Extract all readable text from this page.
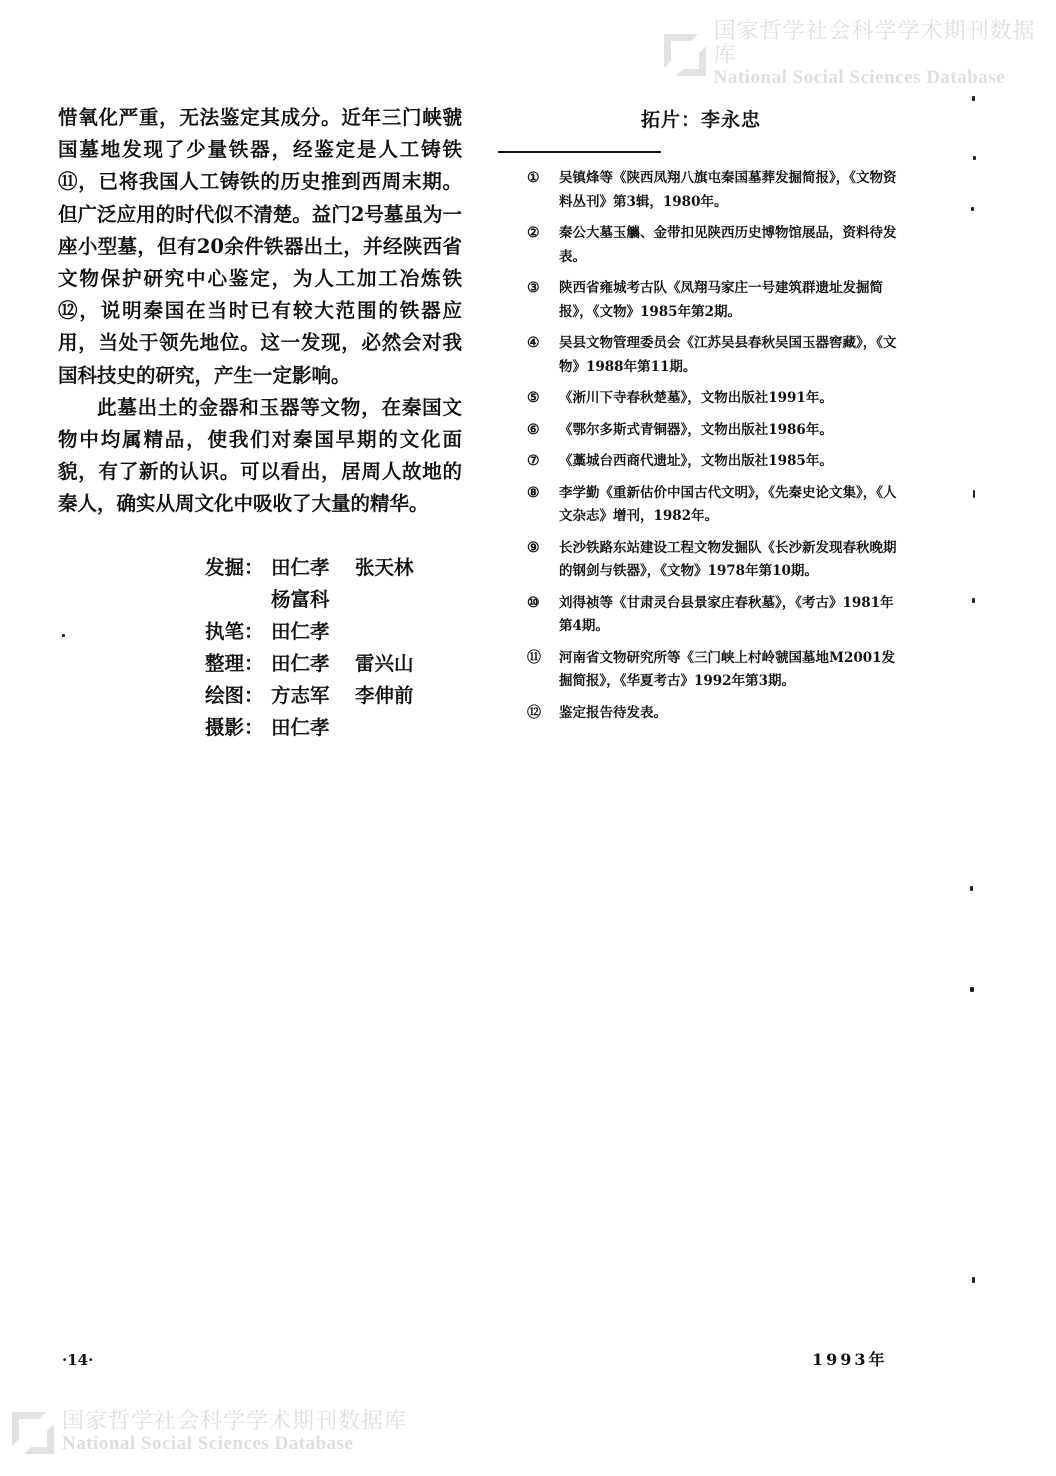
国家哲学社会科学学术期刊数据库
National Social Sciences Database

惜氧化严重，无法鉴定其成分。近年三门峡虢国墓地发现了少量铁器，经鉴定是人工铸铁⑪，已将我国人工铸铁的历史推到西周末期。但广泛应用的时代似不清楚。益门2号墓虽为一座小型墓，但有20余件铁器出土，并经陕西省文物保护研究中心鉴定，为人工加工冶炼铁⑫，说明秦国在当时已有较大范围的铁器应用，当处于领先地位。这一发现，必然会对我国科技史的研究，产生一定影响。

此墓出土的金器和玉器等文物，在秦国文物中均属精品，使我们对秦国早期的文化面貌，有了新的认识。可以看出，居周人故地的秦人，确实从周文化中吸收了大量的精华。

发掘： 田仁孝	张天林
杨富科
执笔： 田仁孝
整理： 田仁孝	雷兴山
绘图： 方志军	李伸前
摄影： 田仁孝
拓片：李永忠
①	吴镇烽等《陕西凤翔八旗屯秦国墓葬发掘简报》，《文物资料丛刊》第3辑，1980年。
②	秦公大墓玉觿、金带扣见陕西历史博物馆展品，资料待发表。
③	陕西省雍城考古队《凤翔马家庄一号建筑群遗址发掘简报》，《文物》1985年第2期。
④	吴县文物管理委员会《江苏吴县春秋吴国玉器窖藏》，《文物》1988年第11期。
⑤	《淅川下寺春秋楚墓》，文物出版社1991年。
⑥	《鄂尔多斯式青铜器》，文物出版社1986年。
⑦	《藁城台西商代遗址》，文物出版社1985年。
⑧	李学勤《重新估价中国古代文明》，《先秦史论文集》，《人文杂志》增刊，1982年。
⑨	长沙铁路东站建设工程文物发掘队《长沙新发现春秋晚期的钢剑与铁器》，《文物》1978年第10期。
⑩	刘得祯等《甘肃灵台县景家庄春秋墓》，《考古》1981年第4期。
⑪	河南省文物研究所等《三门峡上村岭虢国墓地M2001发掘简报》，《华夏考古》1992年第3期。
⑫	鉴定报告待发表。
·14·	1993年
国家哲学社会科学学术期刊数据库
National Social Sciences Database
